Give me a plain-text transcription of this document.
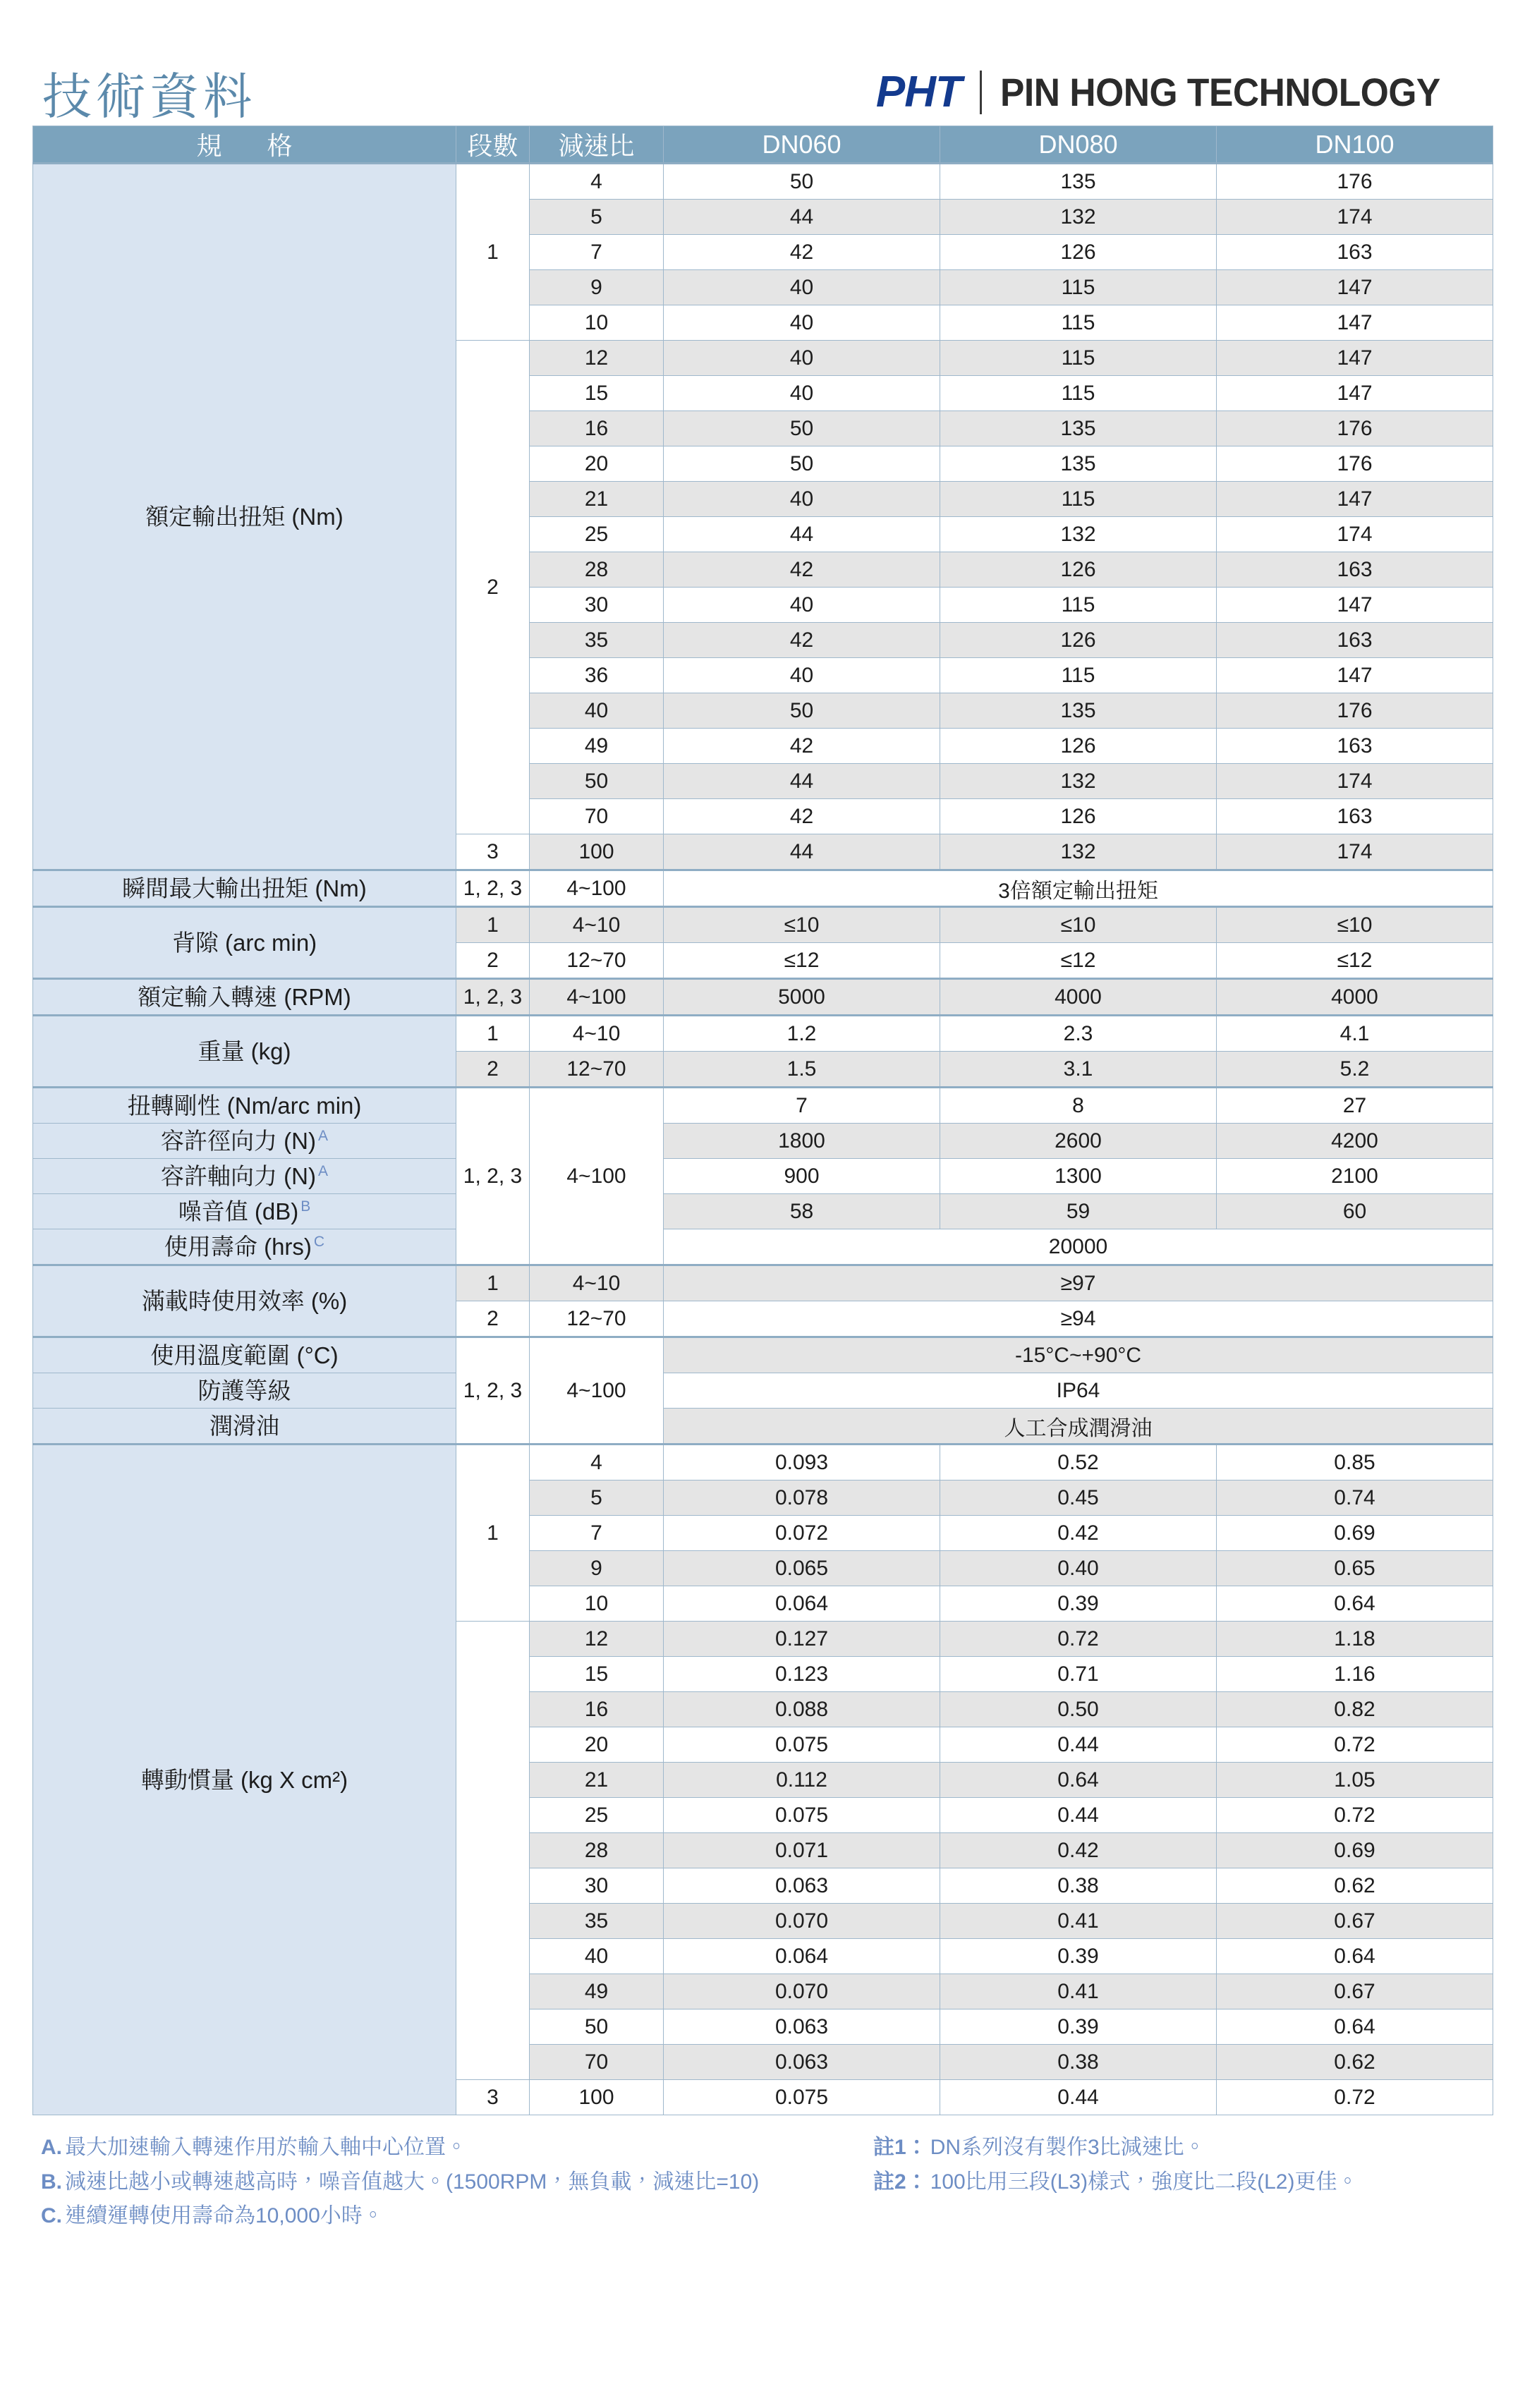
技術資料	PHT PIN HONG TECHNOLOGY
規　格	段數	減速比	DN060	DN080	DN100
額定輸出扭矩 (Nm)	1	4	50	135	176
		5	44	132	174
		7	42	126	163
		9	40	115	147
		10	40	115	147
	2	12	40	115	147
		15	40	115	147
		16	50	135	176
		20	50	135	176
		21	40	115	147
		25	44	132	174
		28	42	126	163
		30	40	115	147
		35	42	126	163
		36	40	115	147
		40	50	135	176
		49	42	126	163
		50	44	132	174
		70	42	126	163
	3	100	44	132	174
瞬間最大輸出扭矩 (Nm)	1, 2, 3	4~100	3倍額定輸出扭矩		
背隙 (arc min)	1	4~10	≤10	≤10	≤10
	2	12~70	≤12	≤12	≤12
額定輸入轉速 (RPM)	1, 2, 3	4~100	5000	4000	4000
重量 (kg)	1	4~10	1.2	2.3	4.1
	2	12~70	1.5	3.1	5.2
扭轉剛性 (Nm/arc min)	1, 2, 3	4~100	7	8	27
容許徑向力 (N) $^A$			1800	2600	4200
容許軸向力 (N) $^A$			900	1300	2100
噪音值 (dB) $^B$			58	59	60
使用壽命 (hrs) $^C$			20000		
滿載時使用效率 (%)	1	4~10	≥97		
	2	12~70	≥94		
使用溫度範圍 (°C)	1, 2, 3	4~100	-15°C~+90°C		
防護等級			IP64		
潤滑油			人工合成潤滑油		
轉動慣量 (kg X cm²)	1	4	0.093	0.52	0.85
		5	0.078	0.45	0.74
		7	0.072	0.42	0.69
		9	0.065	0.40	0.65
		10	0.064	0.39	0.64
		12	0.127	0.72	1.18
		15	0.123	0.71	1.16
		16	0.088	0.50	0.82
		20	0.075	0.44	0.72
		21	0.112	0.64	1.05
		25	0.075	0.44	0.72
		28	0.071	0.42	0.69
		30	0.063	0.38	0.62
		35	0.070	0.41	0.67
		40	0.064	0.39	0.64
		49	0.070	0.41	0.67
		50	0.063	0.39	0.64
		70	0.063	0.38	0.62
	3	100	0.075	0.44	0.72
A. 最大加速輸入轉速作用於輸入軸中心位置。
B. 減速比越小或轉速越高時，噪音值越大。(1500RPM，無負載，減速比=10)
C. 連續運轉使用壽命為10,000小時。
註1： DN系列沒有製作3比減速比。
註2： 100比用三段(L3)樣式，強度比二段(L2)更佳。
